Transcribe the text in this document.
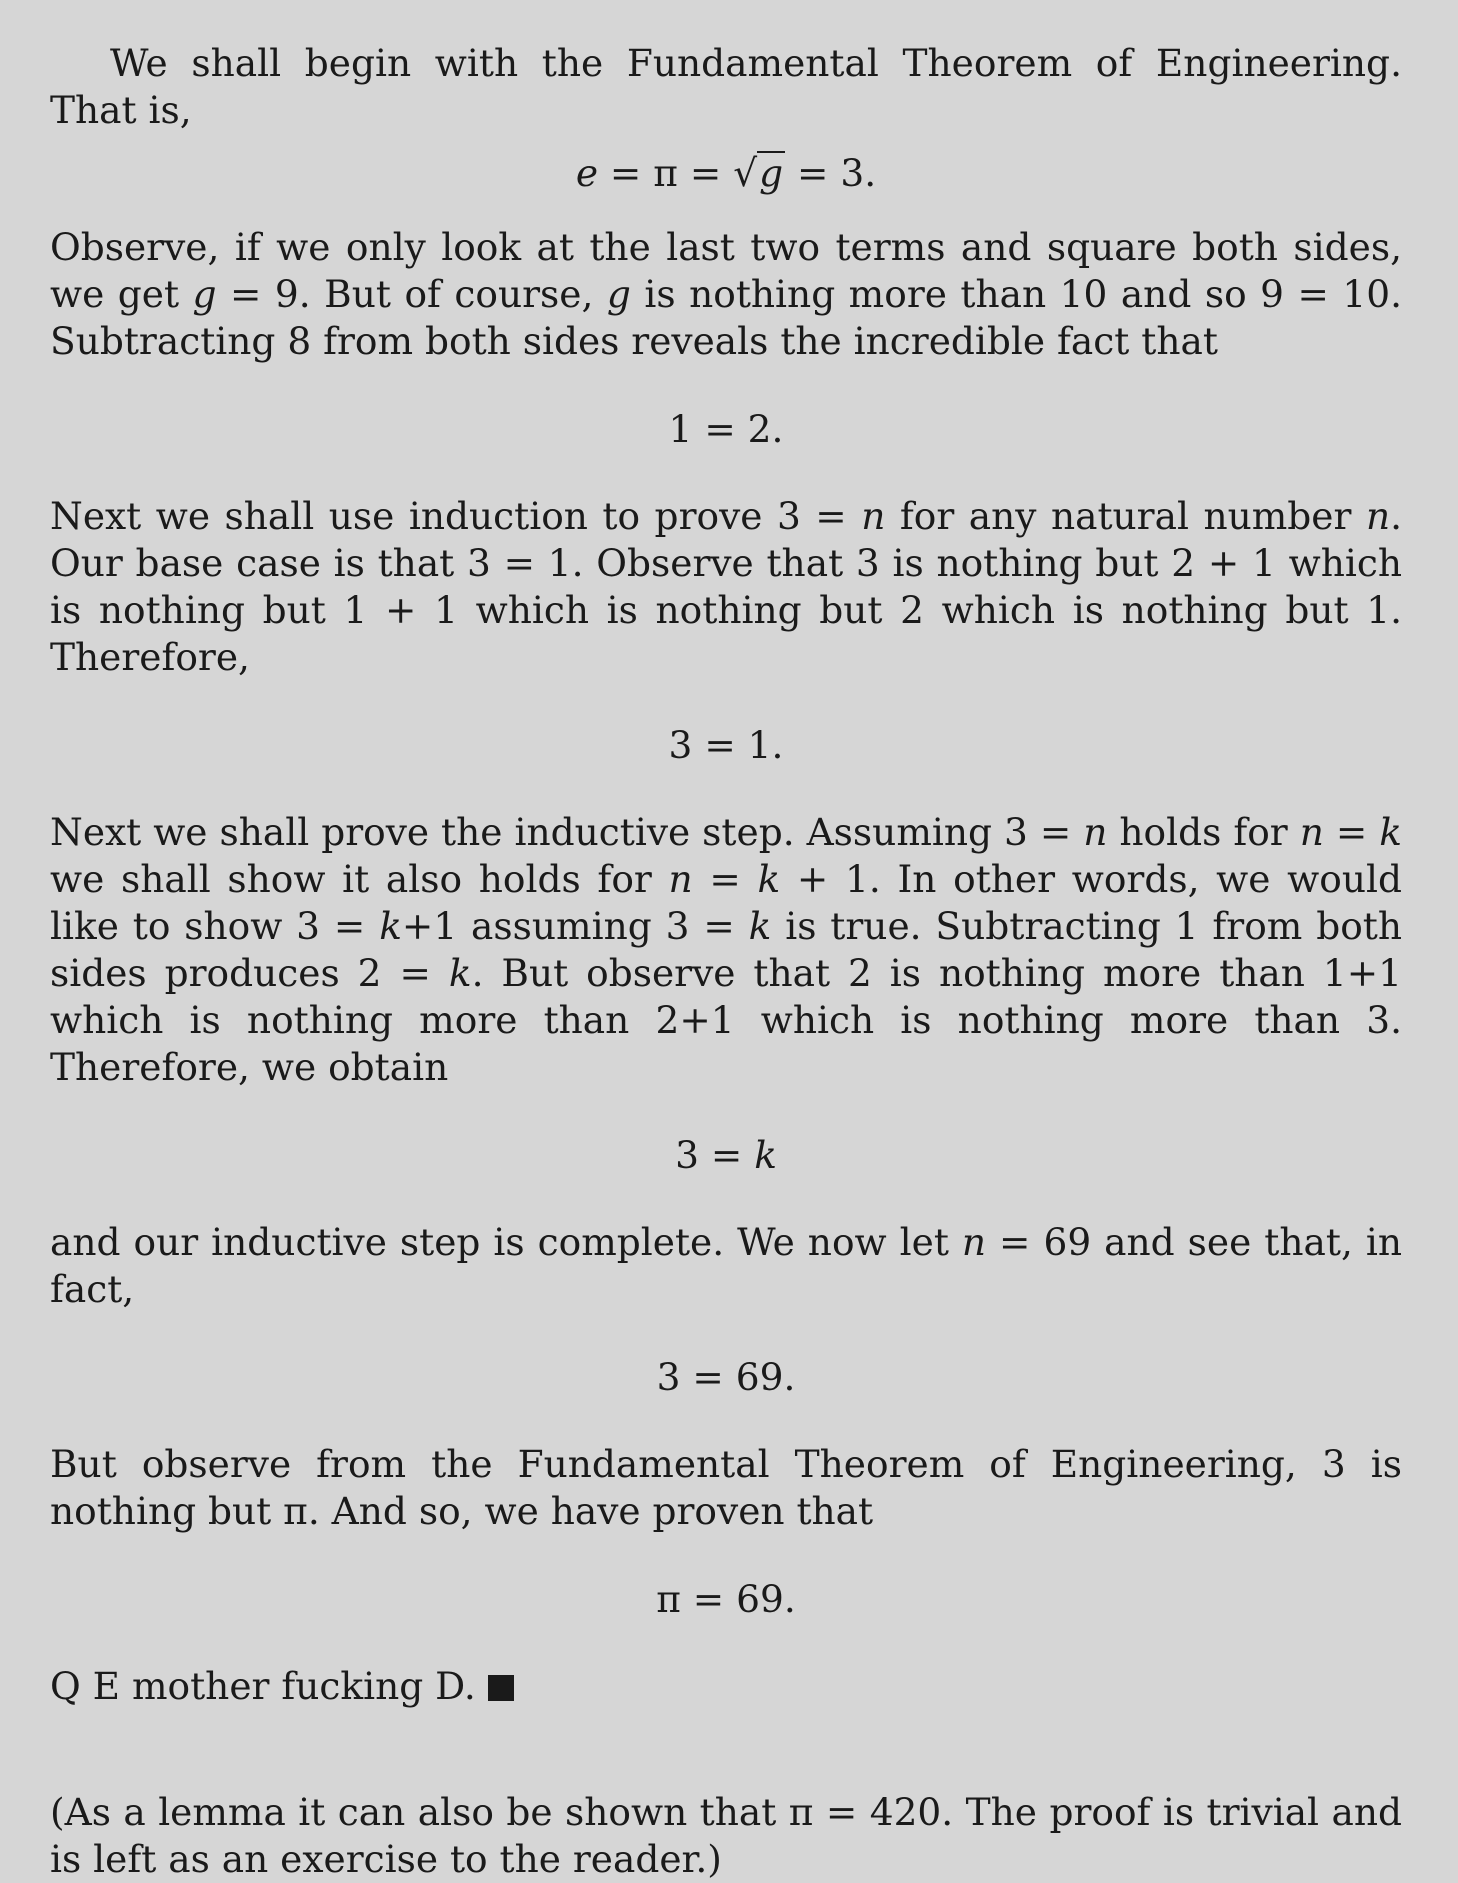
We shall begin with the Fundamental Theorem of Engineering. That is,

e = π = √g = 3.

Observe, if we only look at the last two terms and square both sides, we get g = 9. But of course, g is nothing more than 10 and so 9 = 10. Subtracting 8 from both sides reveals the incredible fact that

1 = 2.

Next we shall use induction to prove 3 = n for any natural number n. Our base case is that 3 = 1. Observe that 3 is nothing but 2 + 1 which is nothing but 1 + 1 which is nothing but 2 which is nothing but 1. Therefore,

3 = 1.

Next we shall prove the inductive step. Assuming 3 = n holds for n = k we shall show it also holds for n = k + 1. In other words, we would like to show 3 = k+1 assuming 3 = k is true. Subtracting 1 from both sides produces 2 = k. But observe that 2 is nothing more than 1+1 which is nothing more than 2+1 which is nothing more than 3. Therefore, we obtain

3 = k

and our inductive step is complete. We now let n = 69 and see that, in fact,

3 = 69.

But observe from the Fundamental Theorem of Engineering, 3 is nothing but π. And so, we have proven that

π = 69.

Q E mother fucking D.

(As a lemma it can also be shown that π = 420. The proof is trivial and is left as an exercise to the reader.)
